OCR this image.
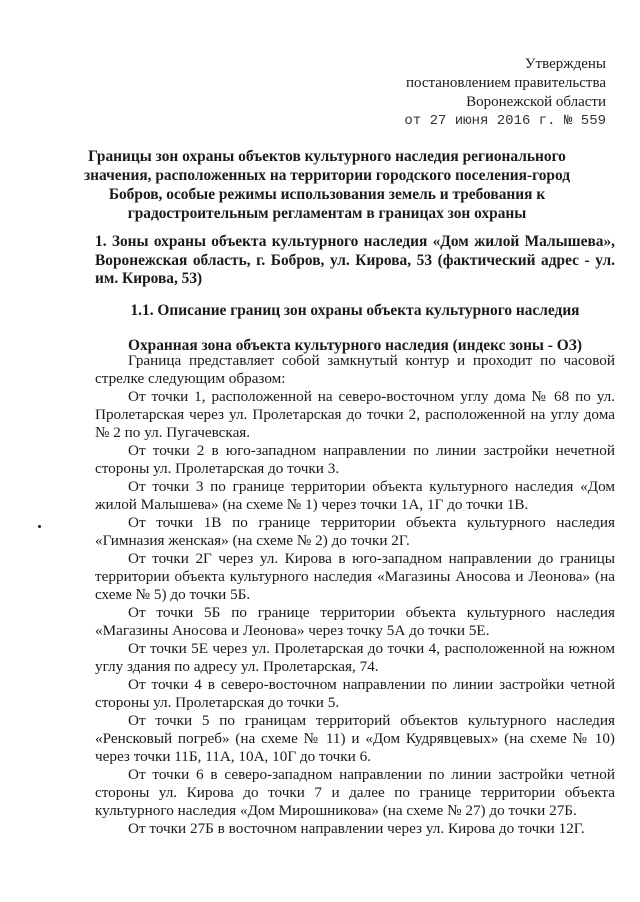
Утверждены
постановлением правительства
Воронежской области
от 27 июня 2016 г. № 559
Границы зон охраны объектов культурного наследия регионального значения, расположенных на территории городского поселения-город Бобров, особые режимы использования земель и требования к градостроительным регламентам в границах зон охраны
1. Зоны охраны объекта культурного наследия «Дом жилой Малышева», Воронежская область, г. Бобров, ул. Кирова, 53 (фактический адрес - ул. им. Кирова, 53)
1.1. Описание границ зон охраны объекта культурного наследия
Охранная зона объекта культурного наследия (индекс зоны - ОЗ)

Граница представляет собой замкнутый контур и проходит по часовой стрелке следующим образом:

От точки 1, расположенной на северо-восточном углу дома № 68 по ул. Пролетарская через ул. Пролетарская до точки 2, расположенной на углу дома № 2 по ул. Пугачевская.

От точки 2 в юго-западном направлении по линии застройки нечетной стороны ул. Пролетарская до точки 3.

От точки 3 по границе территории объекта культурного наследия «Дом жилой Малышева» (на схеме № 1) через точки 1А, 1Г до точки 1В.

От точки 1В по границе территории объекта культурного наследия «Гимназия женская» (на схеме № 2) до точки 2Г.

От точки 2Г через ул. Кирова в юго-западном направлении до границы территории объекта культурного наследия «Магазины Аносова и Леонова» (на схеме № 5) до точки 5Б.

От точки 5Б по границе территории объекта культурного наследия «Магазины Аносова и Леонова» через точку 5А до точки 5Е.

От точки 5Е через ул. Пролетарская до точки 4, расположенной на южном углу здания по адресу ул. Пролетарская, 74.

От точки 4 в северо-восточном направлении по линии застройки четной стороны ул. Пролетарская до точки 5.

От точки 5 по границам территорий объектов культурного наследия «Ренсковый погреб» (на схеме № 11) и «Дом Кудрявцевых» (на схеме № 10) через точки 11Б, 11А, 10А, 10Г до точки 6.

От точки 6 в северо-западном направлении по линии застройки четной стороны ул. Кирова до точки 7 и далее по границе территории объекта культурного наследия «Дом Мирошникова» (на схеме № 27) до точки 27Б.

От точки 27Б в восточном направлении через ул. Кирова до точки 12Г.
